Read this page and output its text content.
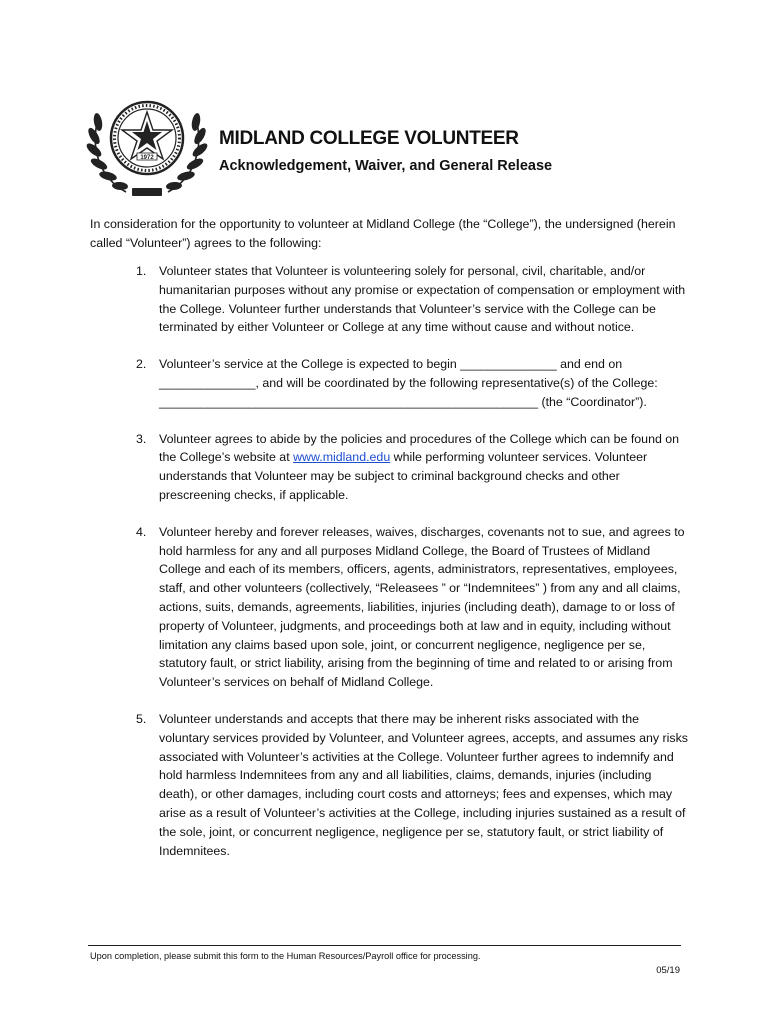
1972
MIDLAND COLLEGE VOLUNTEER
Acknowledgement, Waiver, and General Release

In consideration for the opportunity to volunteer at Midland College (the “College”), the undersigned (herein called “Volunteer”) agrees to the following:

1. Volunteer states that Volunteer is volunteering solely for personal, civil, charitable, and/or humanitarian purposes without any promise or expectation of compensation or employment with the College. Volunteer further understands that Volunteer’s service with the College can be terminated by either Volunteer or College at any time without cause and without notice.
2. Volunteer’s service at the College is expected to begin ______________ and end on ______________, and will be coordinated by the following representative(s) of the College: _______________________________________________________ (the “Coordinator”).
3. Volunteer agrees to abide by the policies and procedures of the College which can be found on the College’s website at www.midland.edu while performing volunteer services. Volunteer understands that Volunteer may be subject to criminal background checks and other prescreening checks, if applicable.
4. Volunteer hereby and forever releases, waives, discharges, covenants not to sue, and agrees to hold harmless for any and all purposes Midland College, the Board of Trustees of Midland College and each of its members, officers, agents, administrators, representatives, employees, staff, and other volunteers (collectively, “Releasees ” or “Indemnitees” ) from any and all claims, actions, suits, demands, agreements, liabilities, injuries (including death), damage to or loss of property of Volunteer, judgments, and proceedings both at law and in equity, including without limitation any claims based upon sole, joint, or concurrent negligence, negligence per se, statutory fault, or strict liability, arising from the beginning of time and related to or arising from Volunteer’s services on behalf of Midland College.
5. Volunteer understands and accepts that there may be inherent risks associated with the voluntary services provided by Volunteer, and Volunteer agrees, accepts, and assumes any risks associated with Volunteer’s activities at the College. Volunteer further agrees to indemnify and hold harmless Indemnitees from any and all liabilities, claims, demands, injuries (including death), or other damages, including court costs and attorneys; fees and expenses, which may arise as a result of Volunteer’s activities at the College, including injuries sustained as a result of the sole, joint, or concurrent negligence, negligence per se, statutory fault, or strict liability of Indemnitees.
Upon completion, please submit this form to the Human Resources/Payroll office for processing.
05/19
